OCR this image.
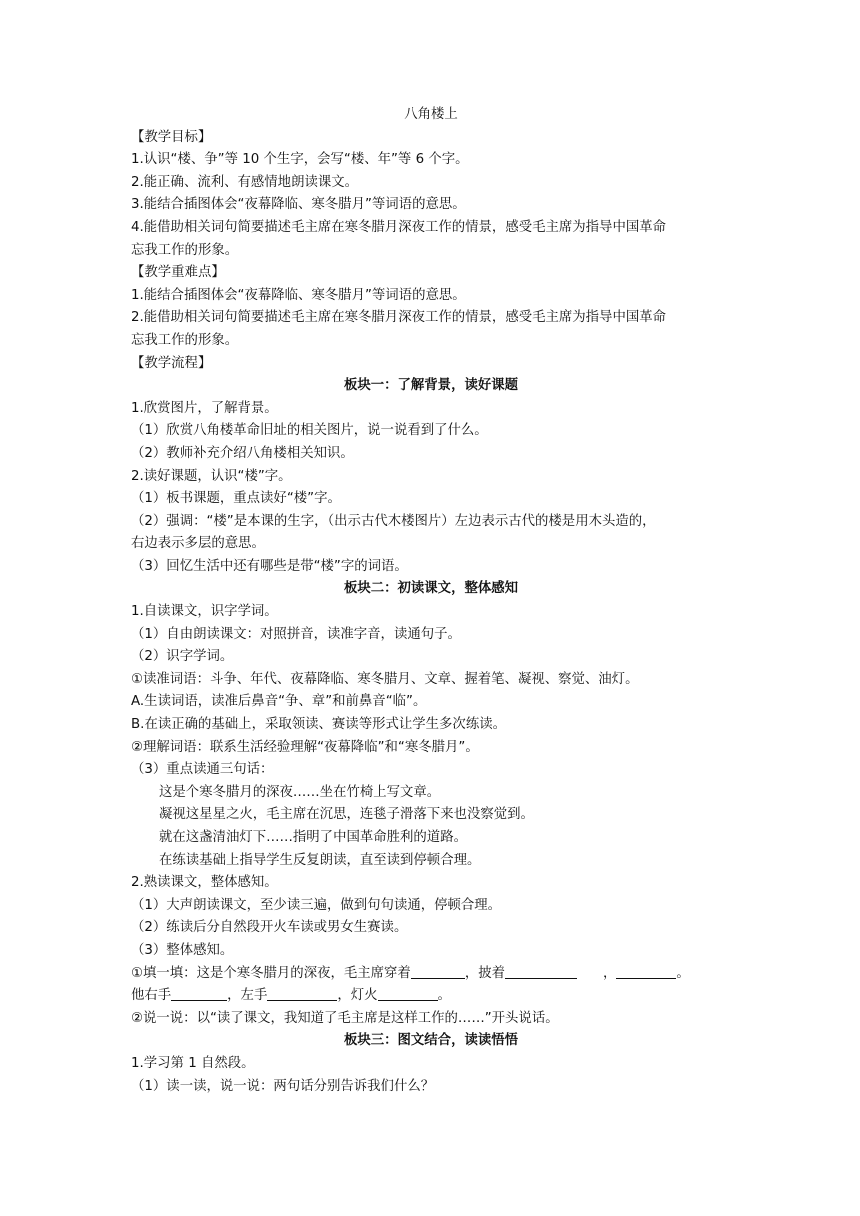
八角楼上
【教学目标】
1.认识“楼、争”等 10 个生字，会写“楼、年”等 6 个字。
2.能正确、流利、有感情地朗读课文。
3.能结合插图体会“夜幕降临、寒冬腊月”等词语的意思。
4.能借助相关词句简要描述毛主席在寒冬腊月深夜工作的情景，感受毛主席为指导中国革命
忘我工作的形象。
【教学重难点】
1.能结合插图体会“夜幕降临、寒冬腊月”等词语的意思。
2.能借助相关词句简要描述毛主席在寒冬腊月深夜工作的情景，感受毛主席为指导中国革命
忘我工作的形象。
【教学流程】
板块一：了解背景，读好课题
1.欣赏图片，了解背景。
（1）欣赏八角楼革命旧址的相关图片，说一说看到了什么。
（2）教师补充介绍八角楼相关知识。
2.读好课题，认识“楼”字。
（1）板书课题，重点读好“楼”字。
（2）强调：“楼”是本课的生字，（出示古代木楼图片）左边表示古代的楼是用木头造的，
右边表示多层的意思。
（3）回忆生活中还有哪些是带“楼”字的词语。
板块二：初读课文，整体感知
1.自读课文，识字学词。
（1）自由朗读课文：对照拼音，读准字音，读通句子。
（2）识字学词。
①读准词语：斗争、年代、夜幕降临、寒冬腊月、文章、握着笔、凝视、察觉、油灯。
A.生读词语，读准后鼻音“争、章”和前鼻音“临”。
B.在读正确的基础上，采取领读、赛读等形式让学生多次练读。
②理解词语：联系生活经验理解“夜幕降临”和“寒冬腊月”。
（3）重点读通三句话：
这是个寒冬腊月的深夜……坐在竹椅上写文章。
凝视这星星之火，毛主席在沉思，连毯子滑落下来也没察觉到。
就在这盏清油灯下……指明了中国革命胜利的道路。
在练读基础上指导学生反复朗读，直至读到停顿合理。
2.熟读课文，整体感知。
（1）大声朗读课文，至少读三遍，做到句句读通，停顿合理。
（2）练读后分自然段开火车读或男女生赛读。
（3）整体感知。
①填一填：这是个寒冬腊月的深夜，毛主席穿着	，披着	，	。
他右手	，左手	，灯火	。
②说一说：以“读了课文，我知道了毛主席是这样工作的……”开头说话。
板块三：图文结合，读读悟悟
1.学习第 1 自然段。
（1）读一读，说一说：两句话分别告诉我们什么？
